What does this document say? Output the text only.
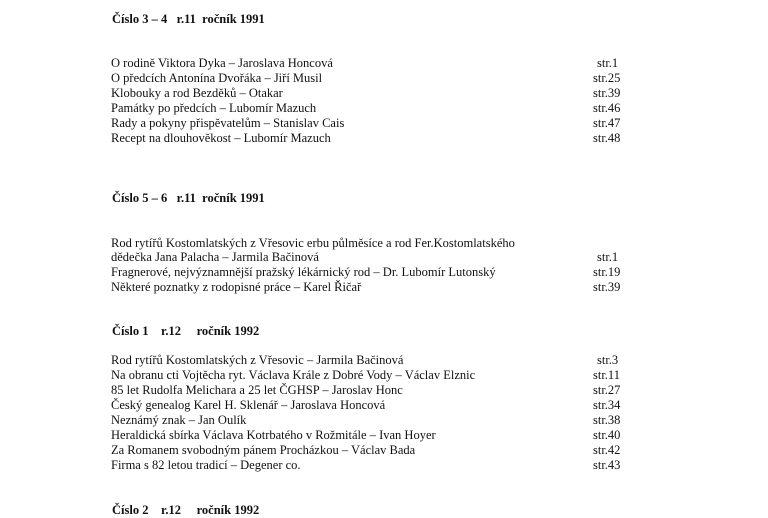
Číslo 3 – 4   r.11  ročník 1991
O rodině Viktora Dyka – Jaroslava Honcová	str.1
O předcích Antonína Dvořáka – Jiří Musil	str.25
Klobouky a rod Bezděků – Otakar	str.39
Památky po předcích – Lubomír Mazuch	str.46
Rady a pokyny přispěvatelům – Stanislav Cais	str.47
Recept na dlouhověkost – Lubomír Mazuch	str.48
Číslo 5 – 6   r.11  ročník 1991
Rod rytířů Kostomlatských z Vřesovic erbu půlměsíce a rod Fer.Kostomlatského
dědečka Jana Palacha – Jarmila Bačinová	str.1
Fragnerové, nejvýznamnější pražský lékárnický rod – Dr. Lubomír Lutonský	str.19
Některé poznatky z rodopisné práce – Karel Řičař	str.39
Číslo 1    r.12     ročník 1992
Rod rytířů Kostomlatských z Vřesovic – Jarmila Bačinová	str.3
Na obranu cti Vojtěcha ryt. Václava Krále z Dobré Vody – Václav Elznic	str.11
85 let Rudolfa Melichara a 25 let ČGHSP – Jaroslav Honc	str.27
Český genealog Karel H. Sklenář – Jaroslava Honcová	str.34
Neznámý znak – Jan Oulík	str.38
Heraldická sbírka Václava Kotrbatého v Rožmitále – Ivan Hoyer	str.40
Za Romanem svobodným pánem Procházkou – Václav Bada	str.42
Firma s 82 letou tradicí – Degener co.	str.43
Číslo 2    r.12     ročník 1992
